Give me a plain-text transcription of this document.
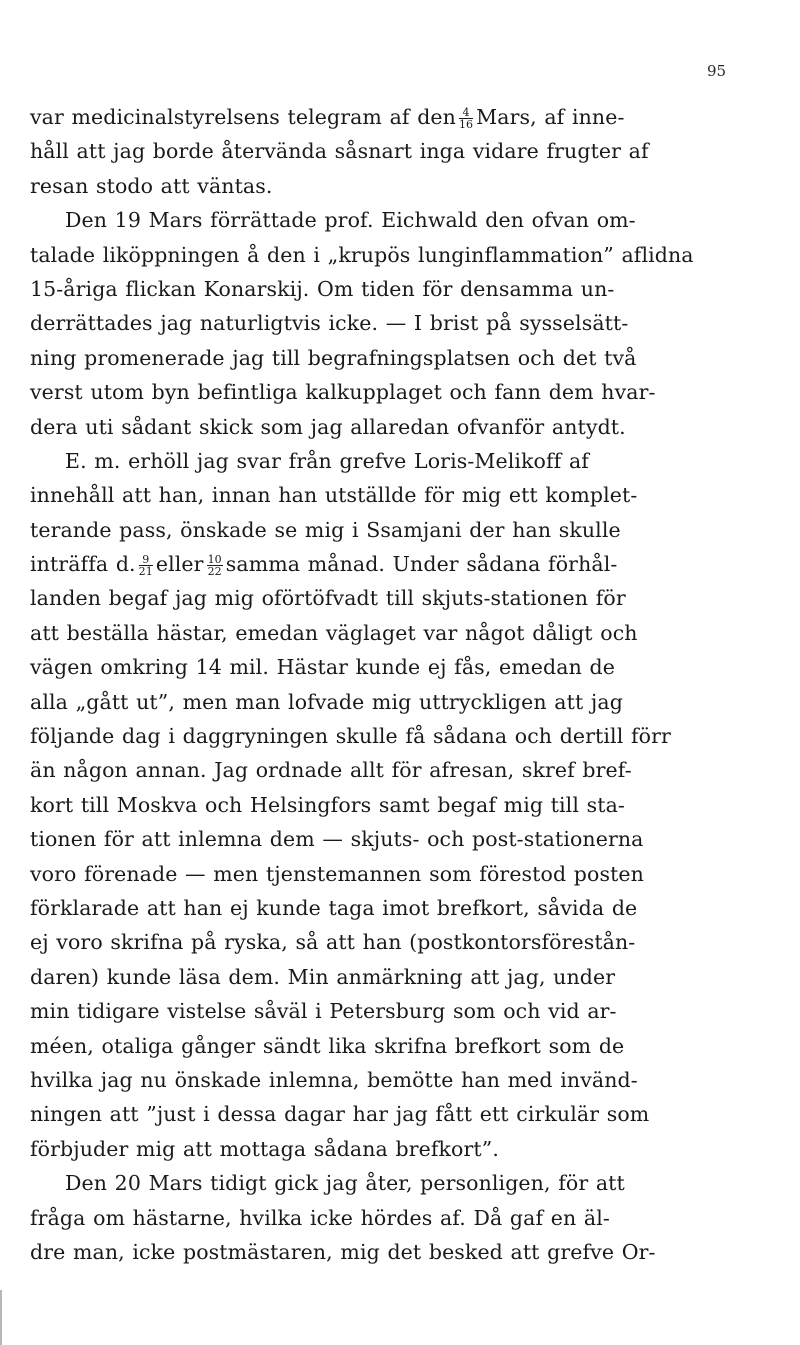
95
var medicinalstyrelsens telegram af den $\frac{4}{16}$ Mars, af inne-
håll att jag borde återvända såsnart inga vidare frugter af
resan stodo att väntas.
Den 19 Mars förrättade prof. Eichwald den ofvan om-
talade liköppningen å den i „krupös lunginflammation” aflidna
15-åriga flickan Konarskij. Om tiden för densamma un-
derrättades jag naturligtvis icke. — I brist på sysselsätt-
ning promenerade jag till begrafningsplatsen och det två
verst utom byn befintliga kalkupplaget och fann dem hvar-
dera uti sådant skick som jag allaredan ofvanför antydt.
E. m. erhöll jag svar från grefve Loris-Melikoff af
innehåll att han, innan han utställde för mig ett komplet-
terande pass, önskade se mig i Ssamjani der han skulle
inträffa d. $\frac{9}{21}$ eller $\frac{10}{22}$ samma månad. Under sådana förhål-
landen begaf jag mig oförtöfvadt till skjuts-stationen för
att beställa hästar, emedan väglaget var något dåligt och
vägen omkring 14 mil. Hästar kunde ej fås, emedan de
alla „gått ut”, men man lofvade mig uttryckligen att jag
följande dag i daggryningen skulle få sådana och dertill förr
än någon annan. Jag ordnade allt för afresan, skref bref-
kort till Moskva och Helsingfors samt begaf mig till sta-
tionen för att inlemna dem — skjuts- och post-stationerna
voro förenade — men tjenstemannen som förestod posten
förklarade att han ej kunde taga imot brefkort, såvida de
ej voro skrifna på ryska, så att han (postkontorsförestån-
daren) kunde läsa dem. Min anmärkning att jag, under
min tidigare vistelse såväl i Petersburg som och vid ar-
méen, otaliga gånger sändt lika skrifna brefkort som de
hvilka jag nu önskade inlemna, bemötte han med invänd-
ningen att ”just i dessa dagar har jag fått ett cirkulär som
förbjuder mig att mottaga sådana brefkort”.
Den 20 Mars tidigt gick jag åter, personligen, för att
fråga om hästarne, hvilka icke hördes af. Då gaf en äl-
dre man, icke postmästaren, mig det besked att grefve Or-
